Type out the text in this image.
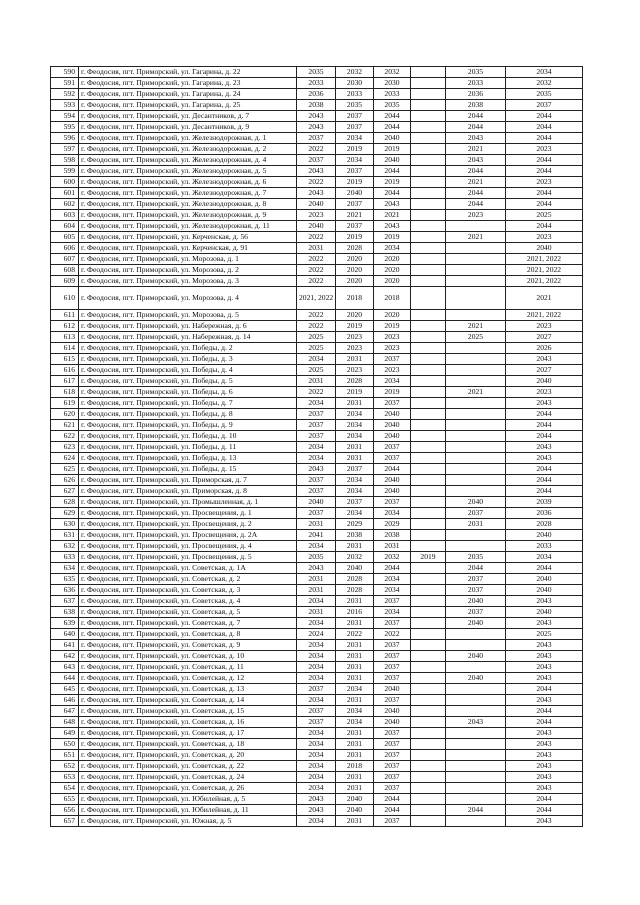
590	г. Феодосия, пгт. Приморский, ул. Гагарина, д. 22	2035	2032	2032		2035	2034
591	г. Феодосия, пгт. Приморский, ул. Гагарина, д. 23	2033	2030	2030		2033	2032
592	г. Феодосия, пгт. Приморский, ул. Гагарина, д. 24	2036	2033	2033		2036	2035
593	г. Феодосия, пгт. Приморский, ул. Гагарина, д. 25	2038	2035	2035		2038	2037
594	г. Феодосия, пгт. Приморский, ул. Десантников, д. 7	2043	2037	2044		2044	2044
595	г. Феодосия, пгт. Приморский, ул. Десантников, д. 9	2043	2037	2044		2044	2044
596	г. Феодосия, пгт. Приморский, ул. Железнодорожная, д. 1	2037	2034	2040		2043	2044
597	г. Феодосия, пгт. Приморский, ул. Железнодорожная, д. 2	2022	2019	2019		2021	2023
598	г. Феодосия, пгт. Приморский, ул. Железнодорожная, д. 4	2037	2034	2040		2043	2044
599	г. Феодосия, пгт. Приморский, ул. Железнодорожная, д. 5	2043	2037	2044		2044	2044
600	г. Феодосия, пгт. Приморский, ул. Железнодорожная, д. 6	2022	2019	2019		2021	2023
601	г. Феодосия, пгт. Приморский, ул. Железнодорожная, д. 7	2043	2040	2044		2044	2044
602	г. Феодосия, пгт. Приморский, ул. Железнодорожная, д. 8	2040	2037	2043		2044	2044
603	г. Феодосия, пгт. Приморский, ул. Железнодорожная, д. 9	2023	2021	2021		2023	2025
604	г. Феодосия, пгт. Приморский, ул. Железнодорожная, д. 11	2040	2037	2043			2044
605	г. Феодосия, пгт. Приморский, ул. Керченская, д. 56	2022	2019	2019		2021	2023
606	г. Феодосия, пгт. Приморский, ул. Керченская, д. 91	2031	2028	2034			2040
607	г. Феодосия, пгт. Приморский, ул. Морозова, д. 1	2022	2020	2020			2021, 2022
608	г. Феодосия, пгт. Приморский, ул. Морозова, д. 2	2022	2020	2020			2021, 2022
609	г. Феодосия, пгт. Приморский, ул. Морозова, д. 3	2022	2020	2020			2021, 2022
610	г. Феодосия, пгт. Приморский, ул. Морозова, д. 4	2021, 2022	2018	2018			2021
611	г. Феодосия, пгт. Приморский, ул. Морозова, д. 5	2022	2020	2020			2021, 2022
612	г. Феодосия, пгт. Приморский, ул. Набережная, д. 6	2022	2019	2019		2021	2023
613	г. Феодосия, пгт. Приморский, ул. Набережная, д. 14	2025	2023	2023		2025	2027
614	г. Феодосия, пгт. Приморский, ул. Победы, д. 2	2025	2023	2023			2026
615	г. Феодосия, пгт. Приморский, ул. Победы, д. 3	2034	2031	2037			2043
616	г. Феодосия, пгт. Приморский, ул. Победы, д. 4	2025	2023	2023			2027
617	г. Феодосия, пгт. Приморский, ул. Победы, д. 5	2031	2028	2034			2040
618	г. Феодосия, пгт. Приморский, ул. Победы, д. 6	2022	2019	2019		2021	2023
619	г. Феодосия, пгт. Приморский, ул. Победы, д. 7	2034	2031	2037			2043
620	г. Феодосия, пгт. Приморский, ул. Победы, д. 8	2037	2034	2040			2044
621	г. Феодосия, пгт. Приморский, ул. Победы, д. 9	2037	2034	2040			2044
622	г. Феодосия, пгт. Приморский, ул. Победы, д. 10	2037	2034	2040			2044
623	г. Феодосия, пгт. Приморский, ул. Победы, д. 11	2034	2031	2037			2043
624	г. Феодосия, пгт. Приморский, ул. Победы, д. 13	2034	2031	2037			2043
625	г. Феодосия, пгт. Приморский, ул. Победы, д. 15	2043	2037	2044			2044
626	г. Феодосия, пгт. Приморский, ул. Приморская, д. 7	2037	2034	2040			2044
627	г. Феодосия, пгт. Приморский, ул. Приморская, д. 8	2037	2034	2040			2044
628	г. Феодосия, пгт. Приморский, ул. Промышленная, д. 1	2040	2037	2037		2040	2039
629	г. Феодосия, пгт. Приморский, ул. Просвещения, д. 1	2037	2034	2034		2037	2036
630	г. Феодосия, пгт. Приморский, ул. Просвещения, д. 2	2031	2029	2029		2031	2028
631	г. Феодосия, пгт. Приморский, ул. Просвещения, д. 2А	2041	2038	2038			2040
632	г. Феодосия, пгт. Приморский, ул. Просвещения, д. 4	2034	2031	2031			2033
633	г. Феодосия, пгт. Приморский, ул. Просвещения, д. 5	2035	2032	2032	2019	2035	2034
634	г. Феодосия, пгт. Приморский, ул. Советская, д. 1А	2043	2040	2044		2044	2044
635	г. Феодосия, пгт. Приморский, ул. Советская, д. 2	2031	2028	2034		2037	2040
636	г. Феодосия, пгт. Приморский, ул. Советская, д. 3	2031	2028	2034		2037	2040
637	г. Феодосия, пгт. Приморский, ул. Советская, д. 4	2034	2031	2037		2040	2043
638	г. Феодосия, пгт. Приморский, ул. Советская, д. 5	2031	2016	2034		2037	2040
639	г. Феодосия, пгт. Приморский, ул. Советская, д. 7	2034	2031	2037		2040	2043
640	г. Феодосия, пгт. Приморский, ул. Советская, д. 8	2024	2022	2022			2025
641	г. Феодосия, пгт. Приморский, ул. Советская, д. 9	2034	2031	2037			2043
642	г. Феодосия, пгт. Приморский, ул. Советская, д. 10	2034	2031	2037		2040	2043
643	г. Феодосия, пгт. Приморский, ул. Советская, д. 11	2034	2031	2037			2043
644	г. Феодосия, пгт. Приморский, ул. Советская, д. 12	2034	2031	2037		2040	2043
645	г. Феодосия, пгт. Приморский, ул. Советская, д. 13	2037	2034	2040			2044
646	г. Феодосия, пгт. Приморский, ул. Советская, д. 14	2034	2031	2037			2043
647	г. Феодосия, пгт. Приморский, ул. Советская, д. 15	2037	2034	2040			2044
648	г. Феодосия, пгт. Приморский, ул. Советская, д. 16	2037	2034	2040		2043	2044
649	г. Феодосия, пгт. Приморский, ул. Советская, д. 17	2034	2031	2037			2043
650	г. Феодосия, пгт. Приморский, ул. Советская, д. 18	2034	2031	2037			2043
651	г. Феодосия, пгт. Приморский, ул. Советская, д. 20	2034	2031	2037			2043
652	г. Феодосия, пгт. Приморский, ул. Советская, д. 22	2034	2018	2037			2043
653	г. Феодосия, пгт. Приморский, ул. Советская, д. 24	2034	2031	2037			2043
654	г. Феодосия, пгт. Приморский, ул. Советская, д. 26	2034	2031	2037			2043
655	г. Феодосия, пгт. Приморский, ул. Юбилейная, д. 5	2043	2040	2044			2044
656	г. Феодосия, пгт. Приморский, ул. Юбилейная, д. 11	2043	2040	2044		2044	2044
657	г. Феодосия, пгт. Приморский, ул. Южная, д. 5	2034	2031	2037			2043
